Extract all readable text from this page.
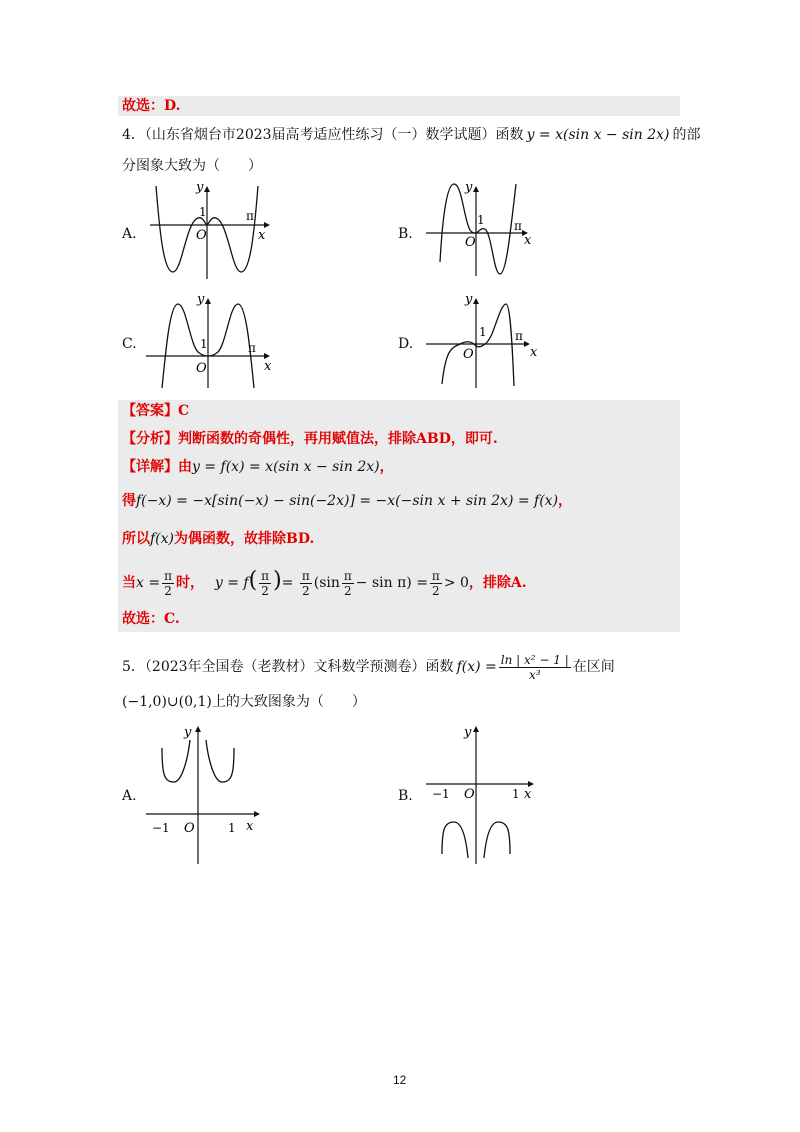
故选：D.
4．（山东省烟台市2023届高考适应性练习（一）数学试题）函数 y = x(sin x − sin 2x) 的部
分图象大致为（　　）
A.
y
1
O
π
x	B.
y
1
O
π
x
C.
y
1
O
π
x
D.
y
1
O
π
x
【答案】C
【分析】判断函数的奇偶性，再用赋值法，排除ABD，即可.
【详解】由y = f(x) = x(sin x − sin 2x)，
得f(−x) = −x[sin(−x) − sin(−2x)] = −x(−sin x + sin 2x) = f(x)，
所以f(x)为偶函数，故排除BD.
当$x = \frac{\pi}{2}$ 时， $y = f( \frac{\pi}{2}$ )= $\frac{\pi}{2} (\sin \frac{\pi}{2} - \sin \pi) = \frac{\pi}{2} > 0$，排除A.
故选：C.
5．（2023年全国卷（老教材）文科数学预测卷）函数 $f(x) = \frac{\text{ln | x² − 1 |}}{\text{x³}}$ 在区间
(−1,0)∪(0,1)上的大致图象为（　　）
A.
y
−1 O	1 x
B.
y
−1 O	1 x
12
